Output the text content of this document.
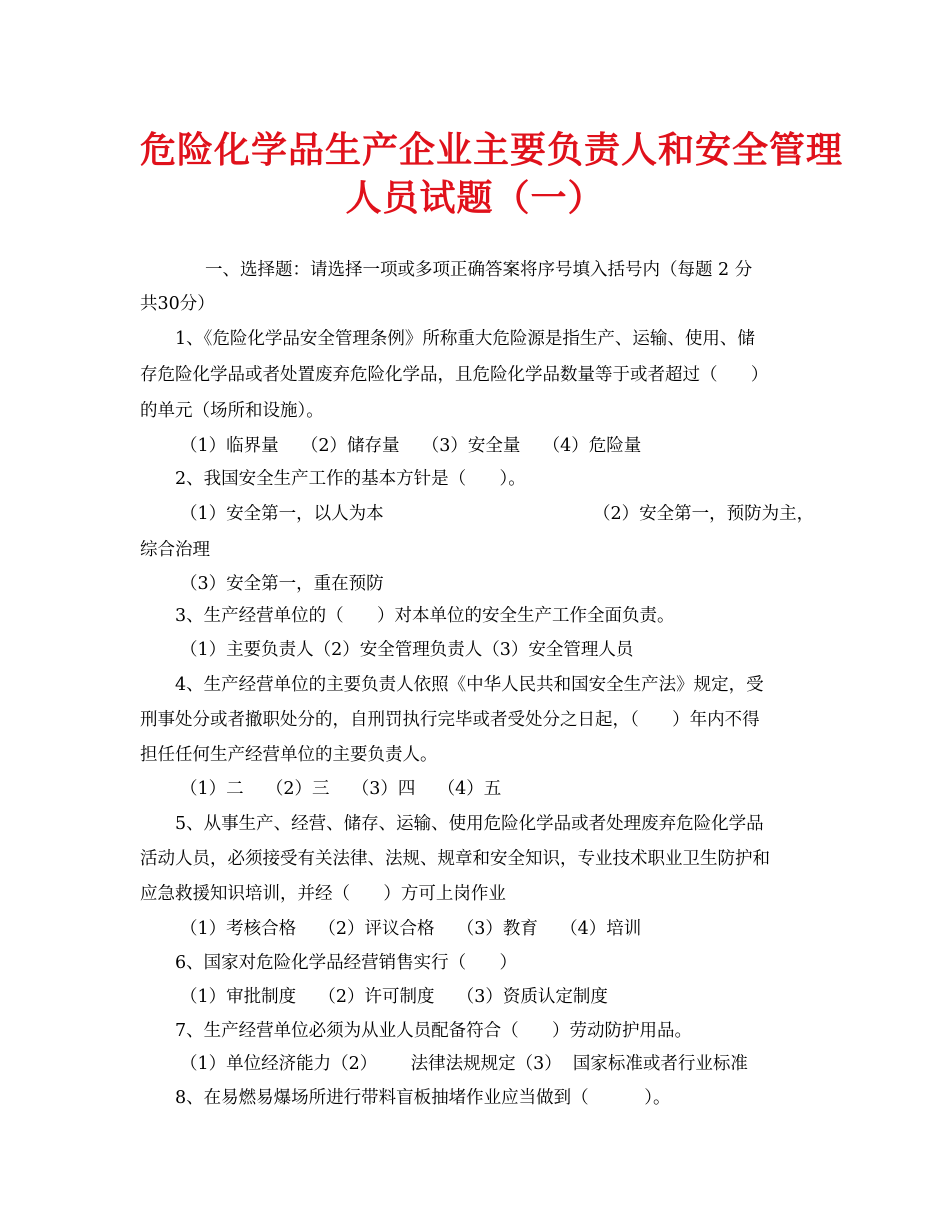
危险化学品生产企业主要负责人和安全管理
人员试题（一）
一、选择题：请选择一项或多项正确答案将序号填入括号内（每题 2 分
共30分）
1、《危险化学品安全管理条例》所称重大危险源是指生产、运输、使用、储
存危险化学品或者处置废弃危险化学品，且危险化学品数量等于或者超过（      ）
的单元（场所和设施）。
（1）临界量    （2）储存量    （3）安全量    （4）危险量
2、我国安全生产工作的基本方针是（      ）。
（1）安全第一，以人为本	（2）安全第一，预防为主，
综合治理
（3）安全第一，重在预防
3、生产经营单位的（      ）对本单位的安全生产工作全面负责。
（1）主要负责人（2）安全管理负责人（3）安全管理人员
4、生产经营单位的主要负责人依照《中华人民共和国安全生产法》规定，受
刑事处分或者撤职处分的，自刑罚执行完毕或者受处分之日起，（      ）年内不得
担任任何生产经营单位的主要负责人。
（1）二    （2）三    （3）四    （4）五
5、从事生产、经营、储存、运输、使用危险化学品或者处理废弃危险化学品
活动人员，必须接受有关法律、法规、规章和安全知识，专业技术职业卫生防护和
应急救援知识培训，并经（      ）方可上岗作业
（1）考核合格    （2）评议合格    （3）教育    （4）培训
6、国家对危险化学品经营销售实行（      ）
（1）审批制度    （2）许可制度    （3）资质认定制度
7、生产经营单位必须为从业人员配备符合（      ）劳动防护用品。
（1）单位经济能力（2）      法律法规规定（3）  国家标准或者行业标准
8、在易燃易爆场所进行带料盲板抽堵作业应当做到（          ）。
